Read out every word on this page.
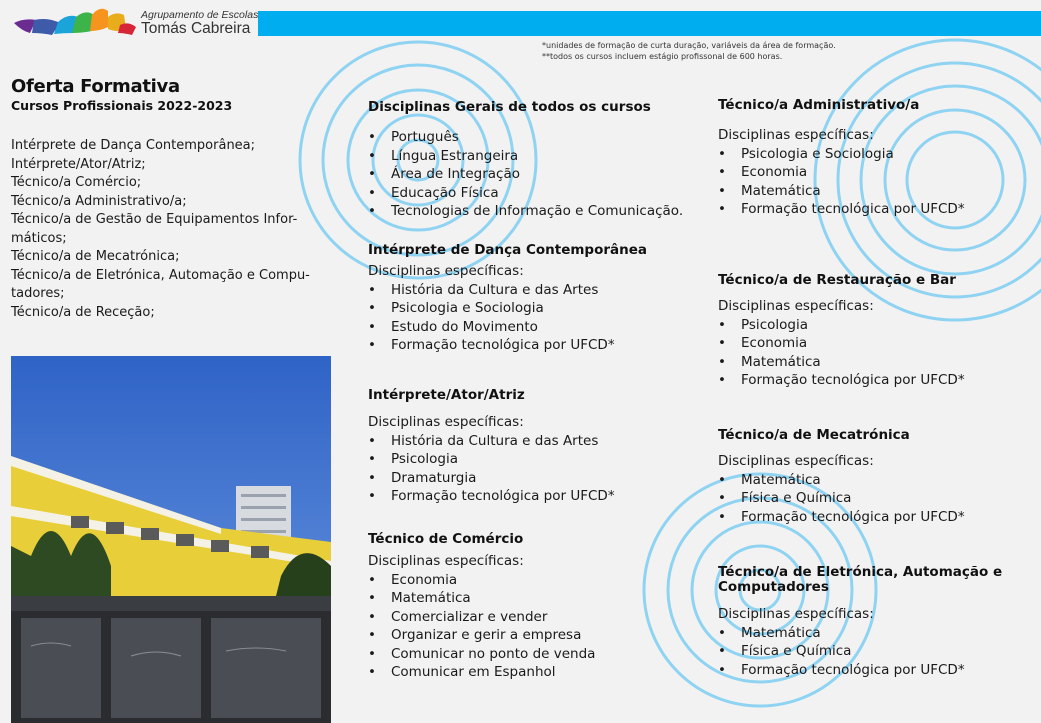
Agrupamento de Escolas
Tomás Cabreira
*unidades de formação de curta duração, variáveis da área de formação.
**todos os cursos incluem estágio profissonal de 600 horas.
Oferta Formativa
Cursos Profissionais 2022-2023
Intérprete de Dança Contemporânea;
Intérprete/Ator/Atriz;
Técnico/a Comércio;
Técnico/a Administrativo/a;
Técnico/a de Gestão de Equipamentos Infor-
máticos;
Técnico/a de Mecatrónica;
Técnico/a de Eletrónica, Automação e Compu-
tadores;
Técnico/a de Receção;
Disciplinas Gerais de todos os cursos
• Português
• Língua Estrangeira
• Área de Integração
• Educação Física
• Tecnologias de Informação e Comunicação.
Intérprete de Dança Contemporânea
Disciplinas específicas:
• História da Cultura e das Artes
• Psicologia e Sociologia
• Estudo do Movimento
• Formação tecnológica por UFCD*
Intérprete/Ator/Atriz
Disciplinas específicas:
• História da Cultura e das Artes
• Psicologia
• Dramaturgia
• Formação tecnológica por UFCD*
Técnico de Comércio
Disciplinas específicas:
• Economia
• Matemática
• Comercializar e vender
• Organizar e gerir a empresa
• Comunicar no ponto de venda
• Comunicar em Espanhol
Técnico/a Administrativo/a
Disciplinas específicas:
• Psicologia e Sociologia
• Economia
• Matemática
• Formação tecnológica por UFCD*
Técnico/a de Restauração e Bar
Disciplinas específicas:
• Psicologia
• Economia
• Matemática
• Formação tecnológica por UFCD*
Técnico/a de Mecatrónica
Disciplinas específicas:
• Matemática
• Física e Química
• Formação tecnológica por UFCD*
Técnico/a de Eletrónica, Automação e
Computadores
Disciplinas específicas:
• Matemática
• Física e Química
• Formação tecnológica por UFCD*
